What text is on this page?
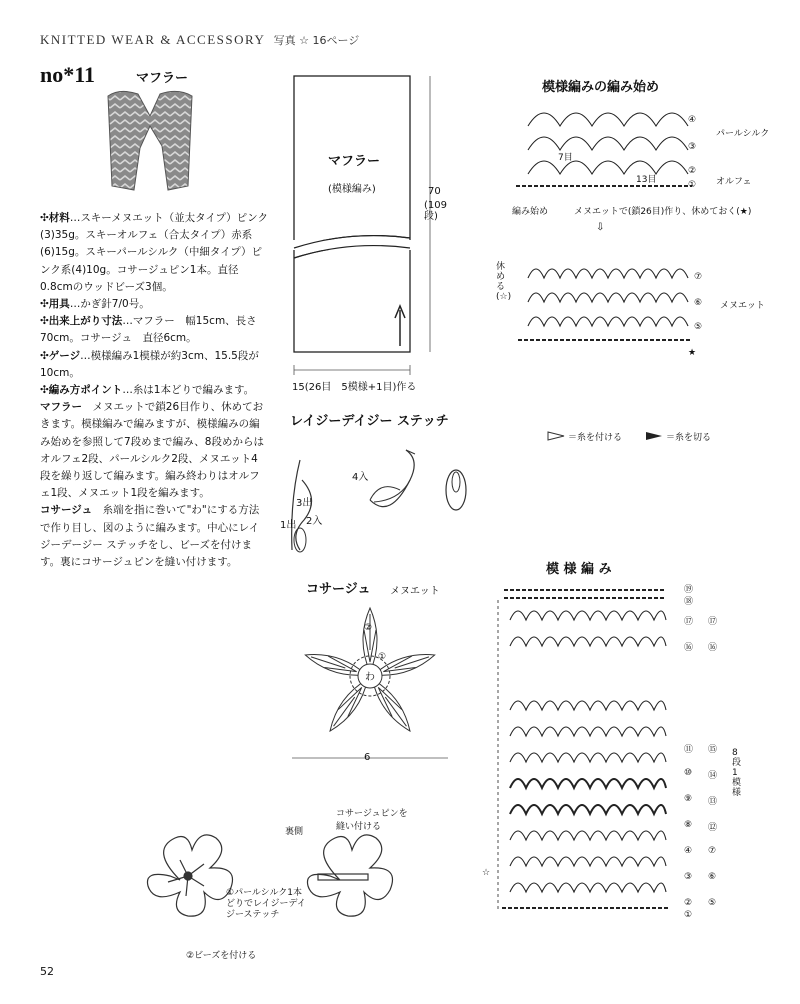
KNITTED WEAR & ACCESSORY 写真 ☆ 16ページ
no*11	マフラー

✣材料…スキーメヌエット（並太タイプ）ピンク(3)35g。スキーオルフェ（合太タイプ）赤系(6)15g。スキーパールシルク（中細タイプ）ピンク系(4)10g。コサージュピン1本。直径0.8cmのウッドビーズ3個。

✣用具…かぎ針7/0号。

✣出来上がり寸法…マフラー　幅15cm、長さ70cm。コサージュ　直径6cm。

✣ゲージ…模様編み1模様が約3cm、15.5段が10cm。

✣編み方ポイント…糸は1本どりで編みます。

マフラー　メヌエットで鎖26目作り、休めておきます。模様編みで編みますが、模様編みの編み始めを参照して7段めまで編み、8段めからはオルフェ2段、パールシルク2段、メヌエット4段を繰り返して編みます。編み終わりはオルフェ1段、メヌエット1段を編みます。

コサージュ　糸端を指に巻いて"わ"にする方法で作り目し、図のように編みます。中心にレイジーデージー ステッチをし、ビーズを付けます。裏にコサージュピンを縫い付けます。

マフラー
(模様編み)	70
(109段)
15(26目　5模様+1目)作る
レイジーデイジー ステッチ
3出
1出 2入
4入
コサージュ メヌエット
わ
②
①
6
裏側
コサージュピンを縫い付ける
①パールシルク1本どりでレイジーデイジーステッチ
②ビーズを付ける
模様編みの編み始め
④
③
②
①
パールシルク
オルフェ
7目
13目
編み始め	メヌエットで(鎖26目)作り、休めておく(★)
⇩
休める(☆)
⑦
⑥
⑤
メヌエット
★
＝糸を付ける	＝糸を切る
模 様 編 み
⑲
⑱
⑰ ⑰
⑯ ⑯
⑪ ⑮
⑩ ⑭
⑨ ⑬
⑧ ⑫
④ ⑦
③ ⑥
② ⑤
①
8段1模様
☆
52
